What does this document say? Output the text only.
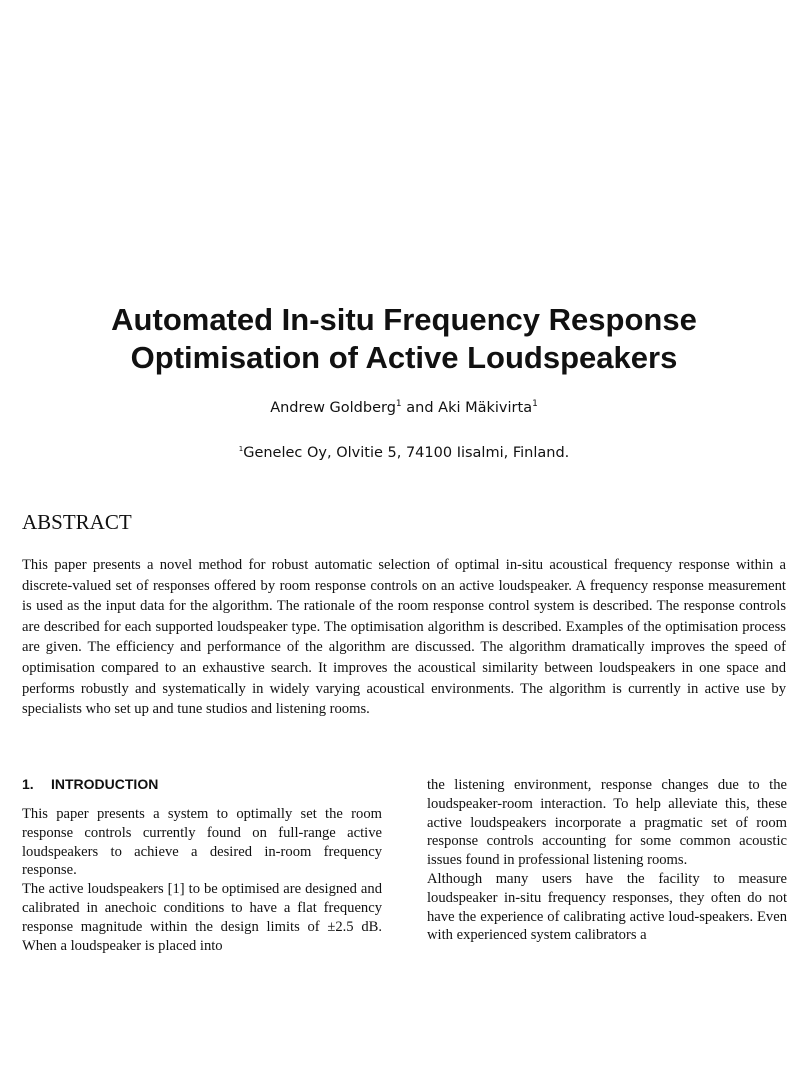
Automated In-situ Frequency Response
Optimisation of Active Loudspeakers
Andrew Goldberg$^1$ and Aki Mäkivirta$^1$
$^1$Genelec Oy, Olvitie 5, 74100 Iisalmi, Finland.
ABSTRACT

This paper presents a novel method for robust automatic selection of optimal in-situ acoustical frequency response within a discrete-valued set of responses offered by room response controls on an active loudspeaker. A frequency response measurement is used as the input data for the algorithm. The rationale of the room response control system is described. The response controls are described for each supported loudspeaker type. The optimisation algorithm is described. Examples of the optimisation process are given. The efficiency and performance of the algorithm are discussed. The algorithm dramatically improves the speed of optimisation compared to an exhaustive search. It improves the acoustical similarity between loudspeakers in one space and performs robustly and systematically in widely varying acoustical environments. The algorithm is currently in active use by specialists who set up and tune studios and listening rooms.

1. INTRODUCTION

This paper presents a system to optimally set the room response controls currently found on full-range active loudspeakers to achieve a desired in-room frequency response.

The active loudspeakers [1] to be optimised are designed and calibrated in anechoic conditions to have a flat frequency response magnitude within the design limits of ±2.5 dB. When a loudspeaker is placed into

the listening environment, response changes due to the loudspeaker-room interaction. To help alleviate this, these active loudspeakers incorporate a pragmatic set of room response controls accounting for some common acoustic issues found in professional listening rooms.

Although many users have the facility to measure loudspeaker in-situ frequency responses, they often do not have the experience of calibrating active loud-speakers. Even with experienced system calibrators a
